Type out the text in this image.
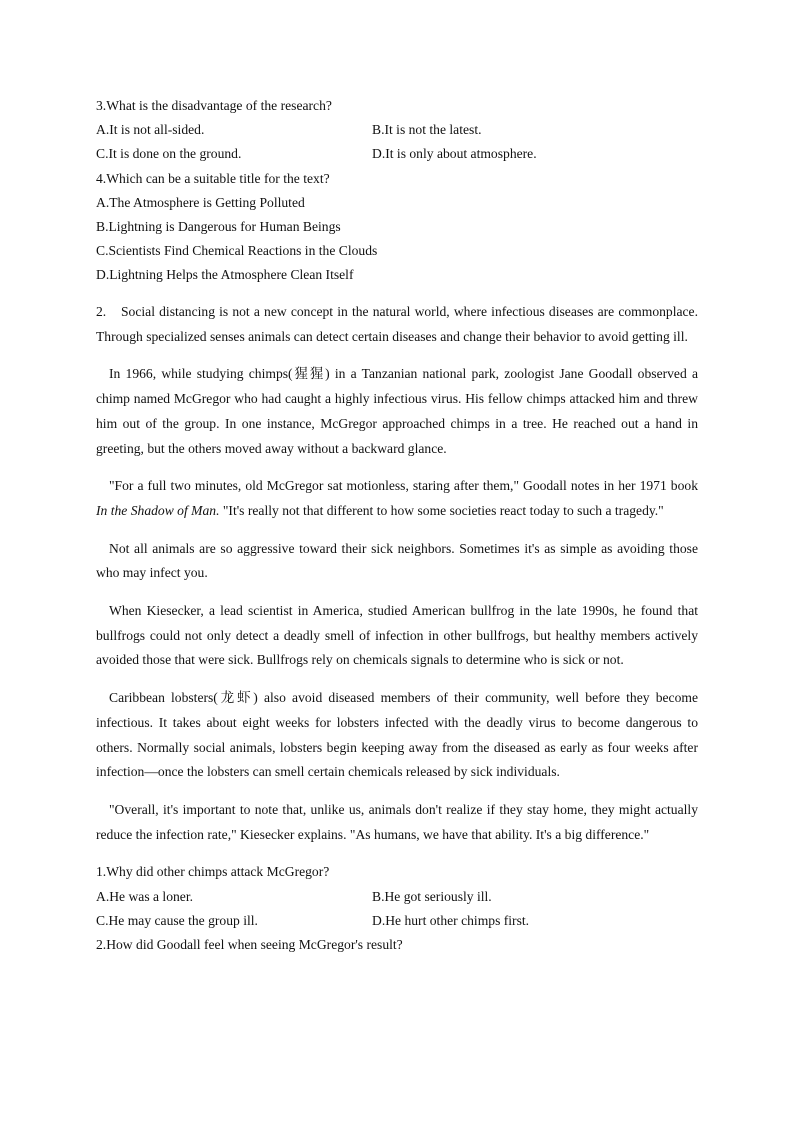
3.What is the disadvantage of the research?
A.It is not all-sided.	B.It is not the latest.
C.It is done on the ground.	D.It is only about atmosphere.
4.Which can be a suitable title for the text?
A.The Atmosphere is Getting Polluted
B.Lightning is Dangerous for Human Beings
C.Scientists Find Chemical Reactions in the Clouds
D.Lightning Helps the Atmosphere Clean Itself

2. Social distancing is not a new concept in the natural world, where infectious diseases are commonplace. Through specialized senses animals can detect certain diseases and change their behavior to avoid getting ill.

In 1966, while studying chimps(猩猩) in a Tanzanian national park, zoologist Jane Goodall observed a chimp named McGregor who had caught a highly infectious virus. His fellow chimps attacked him and threw him out of the group. In one instance, McGregor approached chimps in a tree. He reached out a hand in greeting, but the others moved away without a backward glance.

"For a full two minutes, old McGregor sat motionless, staring after them," Goodall notes in her 1971 book In the Shadow of Man. "It's really not that different to how some societies react today to such a tragedy."

Not all animals are so aggressive toward their sick neighbors. Sometimes it's as simple as avoiding those who may infect you.

When Kiesecker, a lead scientist in America, studied American bullfrog in the late 1990s, he found that bullfrogs could not only detect a deadly smell of infection in other bullfrogs, but healthy members actively avoided those that were sick. Bullfrogs rely on chemicals signals to determine who is sick or not.

Caribbean lobsters(龙虾) also avoid diseased members of their community, well before they become infectious. It takes about eight weeks for lobsters infected with the deadly virus to become dangerous to others. Normally social animals, lobsters begin keeping away from the diseased as early as four weeks after infection—once the lobsters can smell certain chemicals released by sick individuals.

"Overall, it's important to note that, unlike us, animals don't realize if they stay home, they might actually reduce the infection rate," Kiesecker explains. "As humans, we have that ability. It's a big difference."

1.Why did other chimps attack McGregor?
A.He was a loner.	B.He got seriously ill.
C.He may cause the group ill.	D.He hurt other chimps first.
2.How did Goodall feel when seeing McGregor's result?
